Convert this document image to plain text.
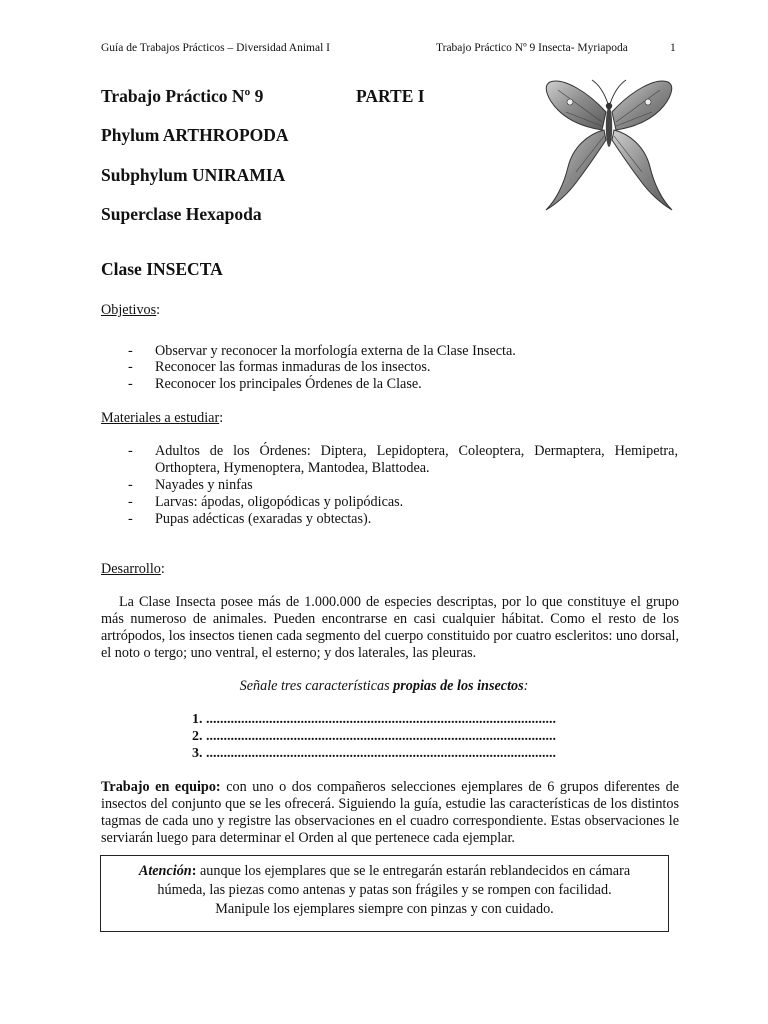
Guía de Trabajos Prácticos – Diversidad Animal I	Trabajo Práctico Nº 9 Insecta- Myriapoda	1
Trabajo Práctico Nº 9	PARTE I
Phylum ARTHROPODA
Subphylum UNIRAMIA
Superclase Hexapoda
Clase INSECTA
Objetivos:
- Observar y reconocer la morfología externa de la Clase Insecta.
- Reconocer las formas inmaduras de los insectos.
- Reconocer los principales Órdenes de la Clase.
Materiales a estudiar:
- Adultos de los Órdenes: Diptera, Lepidoptera, Coleoptera, Dermaptera, Hemipetra, Orthoptera, Hymenoptera, Mantodea, Blattodea.
- Nayades y ninfas
- Larvas: ápodas, oligopódicas y polipódicas.
- Pupas adécticas (exaradas y obtectas).
Desarrollo:
La Clase Insecta posee más de 1.000.000 de especies descriptas, por lo que constituye el grupo más numeroso de animales. Pueden encontrarse en casi cualquier hábitat. Como el resto de los artrópodos, los insectos tienen cada segmento del cuerpo constituido por cuatro escleritos: uno dorsal, el noto o tergo; uno ventral, el esterno; y dos laterales, las pleuras.
Señale tres características propias de los insectos:
1. ....................................................................................................
2. ....................................................................................................
3. ....................................................................................................
Trabajo en equipo: con uno o dos compañeros selecciones ejemplares de 6 grupos diferentes de insectos del conjunto que se les ofrecerá. Siguiendo la guía, estudie las características de los distintos tagmas de cada uno y registre las observaciones en el cuadro correspondiente. Estas observaciones le serviarán luego para determinar el Orden al que pertenece cada ejemplar.
Atención: aunque los ejemplares que se le entregarán estarán reblandecidos en cámara
húmeda, las piezas como antenas y patas son frágiles y se rompen con facilidad.
Manipule los ejemplares siempre con pinzas y con cuidado.
